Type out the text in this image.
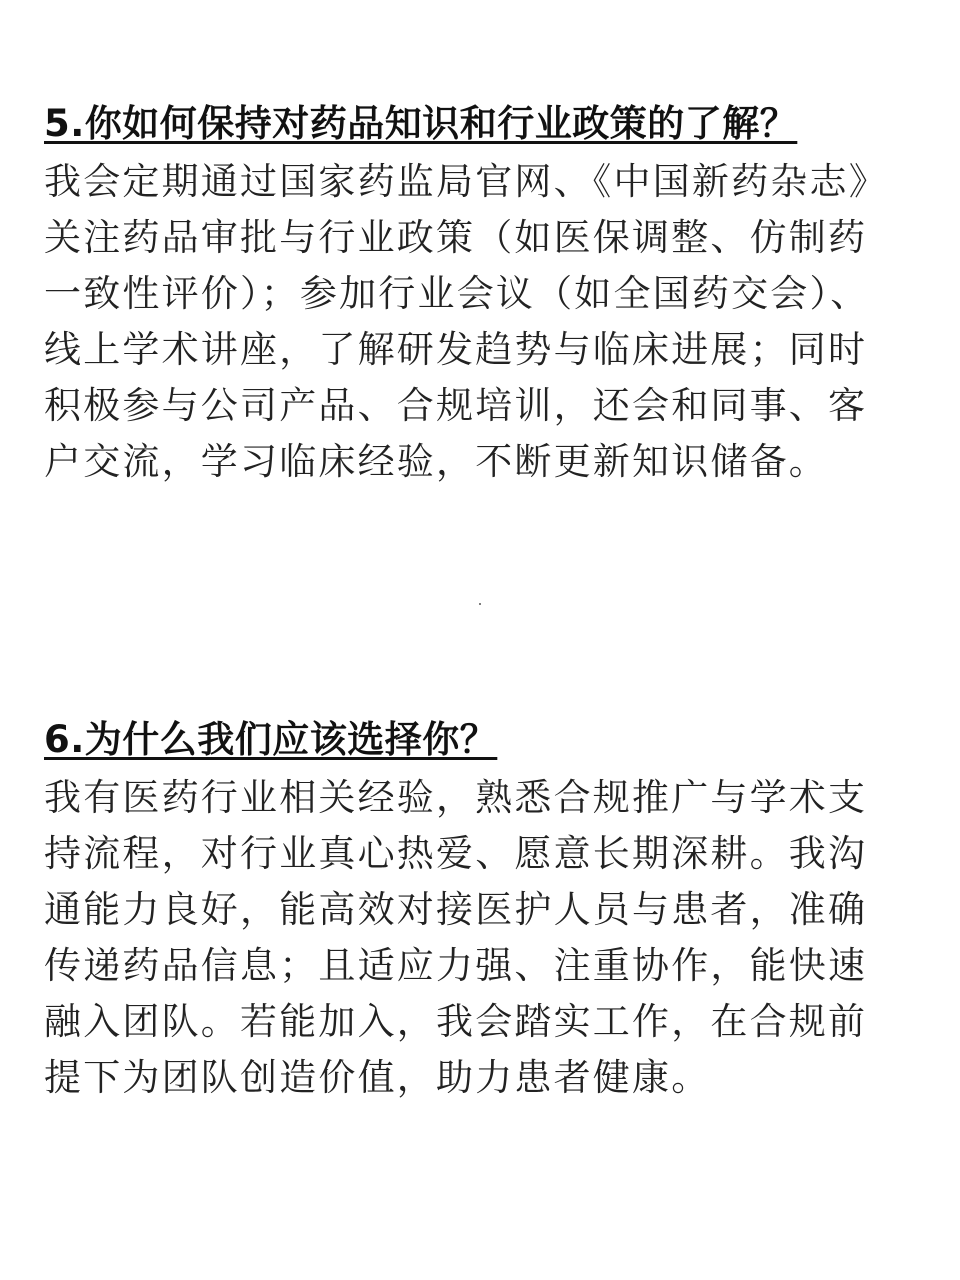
5.你如何保持对药品知识和行业政策的了解？

我会定期通过国家药监局官网、《中国新药杂志》关注药品审批与行业政策（如医保调整、仿制药一致性评价）；参加行业会议（如全国药交会）、线上学术讲座，了解研发趋势与临床进展；同时积极参与公司产品、合规培训，还会和同事、客户交流，学习临床经验，不断更新知识储备。

6.为什么我们应该选择你？

我有医药行业相关经验，熟悉合规推广与学术支持流程，对行业真心热爱、愿意长期深耕。我沟通能力良好，能高效对接医护人员与患者，准确传递药品信息；且适应力强、注重协作，能快速融入团队。若能加入，我会踏实工作，在合规前提下为团队创造价值，助力患者健康。
